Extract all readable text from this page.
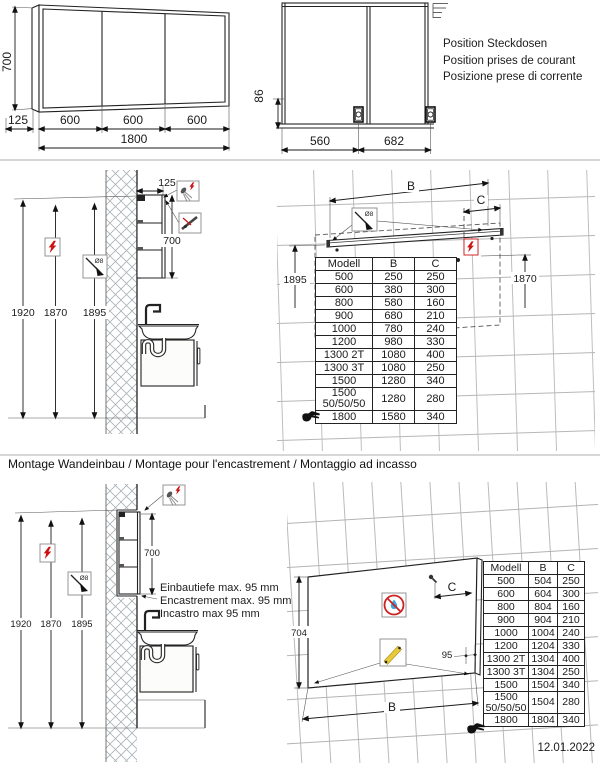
700
125	600	600	600
1800
86
560	682
Position Steckdosen
Position prises de courant
Posizione prese di corrente
125
700
1920 1870 1895
Ø8
B
C
Ø8
1895	1870
Modell	B	C
500	250	250
600	380	300
800	580	160
900	680	210
1000	780	240
1200	980	330
1300 2T	1080	400
1300 3T	1080	250
1500	1280	340
1500 50/50/50	1280	280
1800	1580	340
Montage Wandeinbau / Montage pour l'encastrement / Montaggio ad incasso
700
1920 1870 1895
Ø8
704
B
C
95
Einbautiefe max. 95 mm
Encastrement max. 95 mm
Incastro max 95 mm
Modell	B	C
500	504	250
600	604	300
800	804	160
900	904	210
1000	1004	240
1200	1204	330
1300 2T	1304	400
1300 3T	1304	250
1500	1504	340
1500 50/50/50	1504	280
1800	1804	340
12.01.2022
